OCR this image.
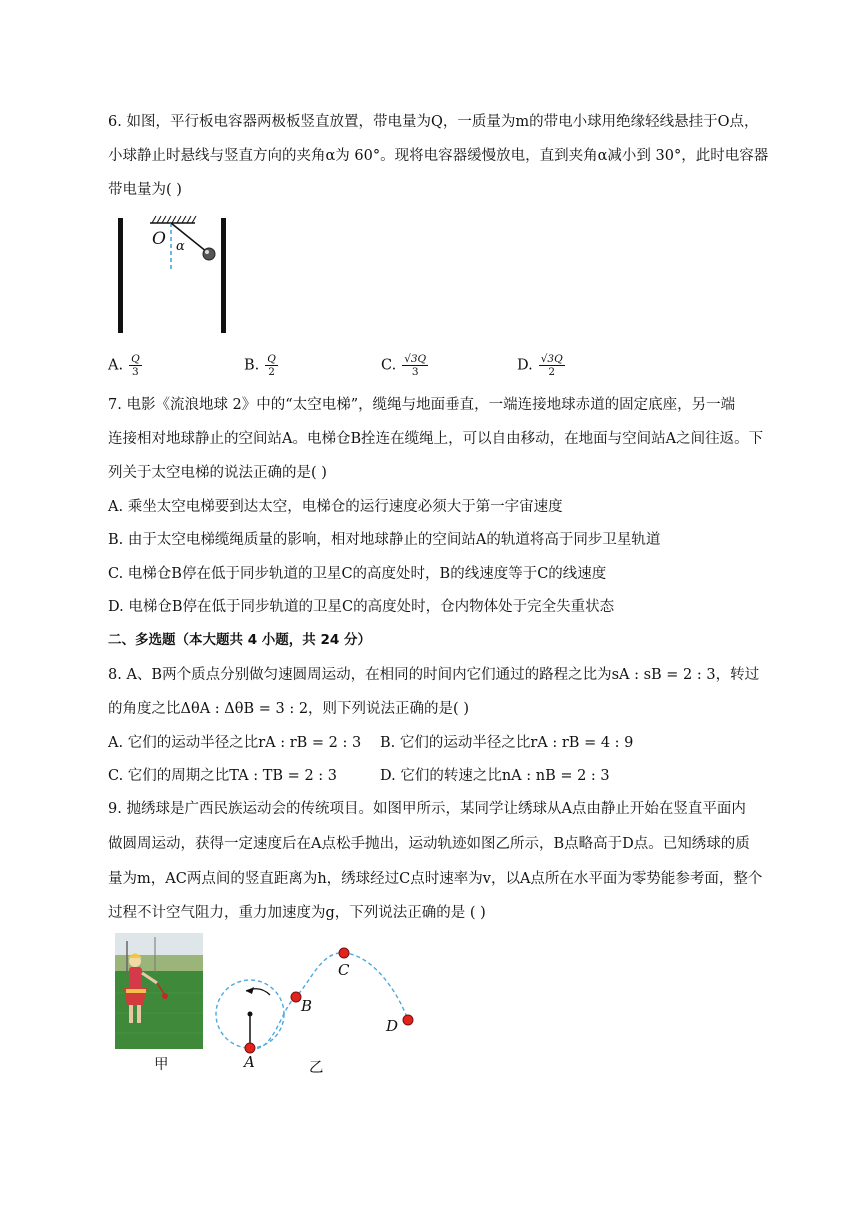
6. 如图，平行板电容器两极板竖直放置，带电量为Q，一质量为m的带电小球用绝缘轻线悬挂于O点，
小球静止时悬线与竖直方向的夹角α为 60°。现将电容器缓慢放电，直到夹角α减小到 30°，此时电容器
带电量为( )
O α
A. $\frac{Q}{3}$	B. $\frac{Q}{2}$	C. $\frac{√3Q}{3}$	D. $\frac{√3Q}{2}$
7. 电影《流浪地球 2》中的“太空电梯”，缆绳与地面垂直，一端连接地球赤道的固定底座，另一端
连接相对地球静止的空间站A。电梯仓B拴连在缆绳上，可以自由移动，在地面与空间站A之间往返。下
列关于太空电梯的说法正确的是( )
A. 乘坐太空电梯要到达太空，电梯仓的运行速度必须大于第一宇宙速度
B. 由于太空电梯缆绳质量的影响，相对地球静止的空间站A的轨道将高于同步卫星轨道
C. 电梯仓B停在低于同步轨道的卫星C的高度处时，B的线速度等于C的线速度
D. 电梯仓B停在低于同步轨道的卫星C的高度处时，仓内物体处于完全失重状态
二、多选题（本大题共 4 小题，共 24 分）
8. A、B两个质点分别做匀速圆周运动，在相同的时间内它们通过的路程之比为sA : sB = 2 : 3，转过
的角度之比ΔθA : ΔθB = 3 : 2，则下列说法正确的是( )
A. 它们的运动半径之比rA : rB = 2 : 3 B. 它们的运动半径之比rA : rB = 4 : 9
C. 它们的周期之比TA : TB = 2 : 3	D. 它们的转速之比nA : nB = 2 : 3
9. 抛绣球是广西民族运动会的传统项目。如图甲所示，某同学让绣球从A点由静止开始在竖直平面内
做圆周运动，获得一定速度后在A点松手抛出，运动轨迹如图乙所示，B点略高于D点。已知绣球的质
量为m，AC两点间的竖直距离为h，绣球经过C点时速率为v，以A点所在水平面为零势能参考面，整个
过程不计空气阻力，重力加速度为g，下列说法正确的是 ( )
甲	A
B
C
D
乙
